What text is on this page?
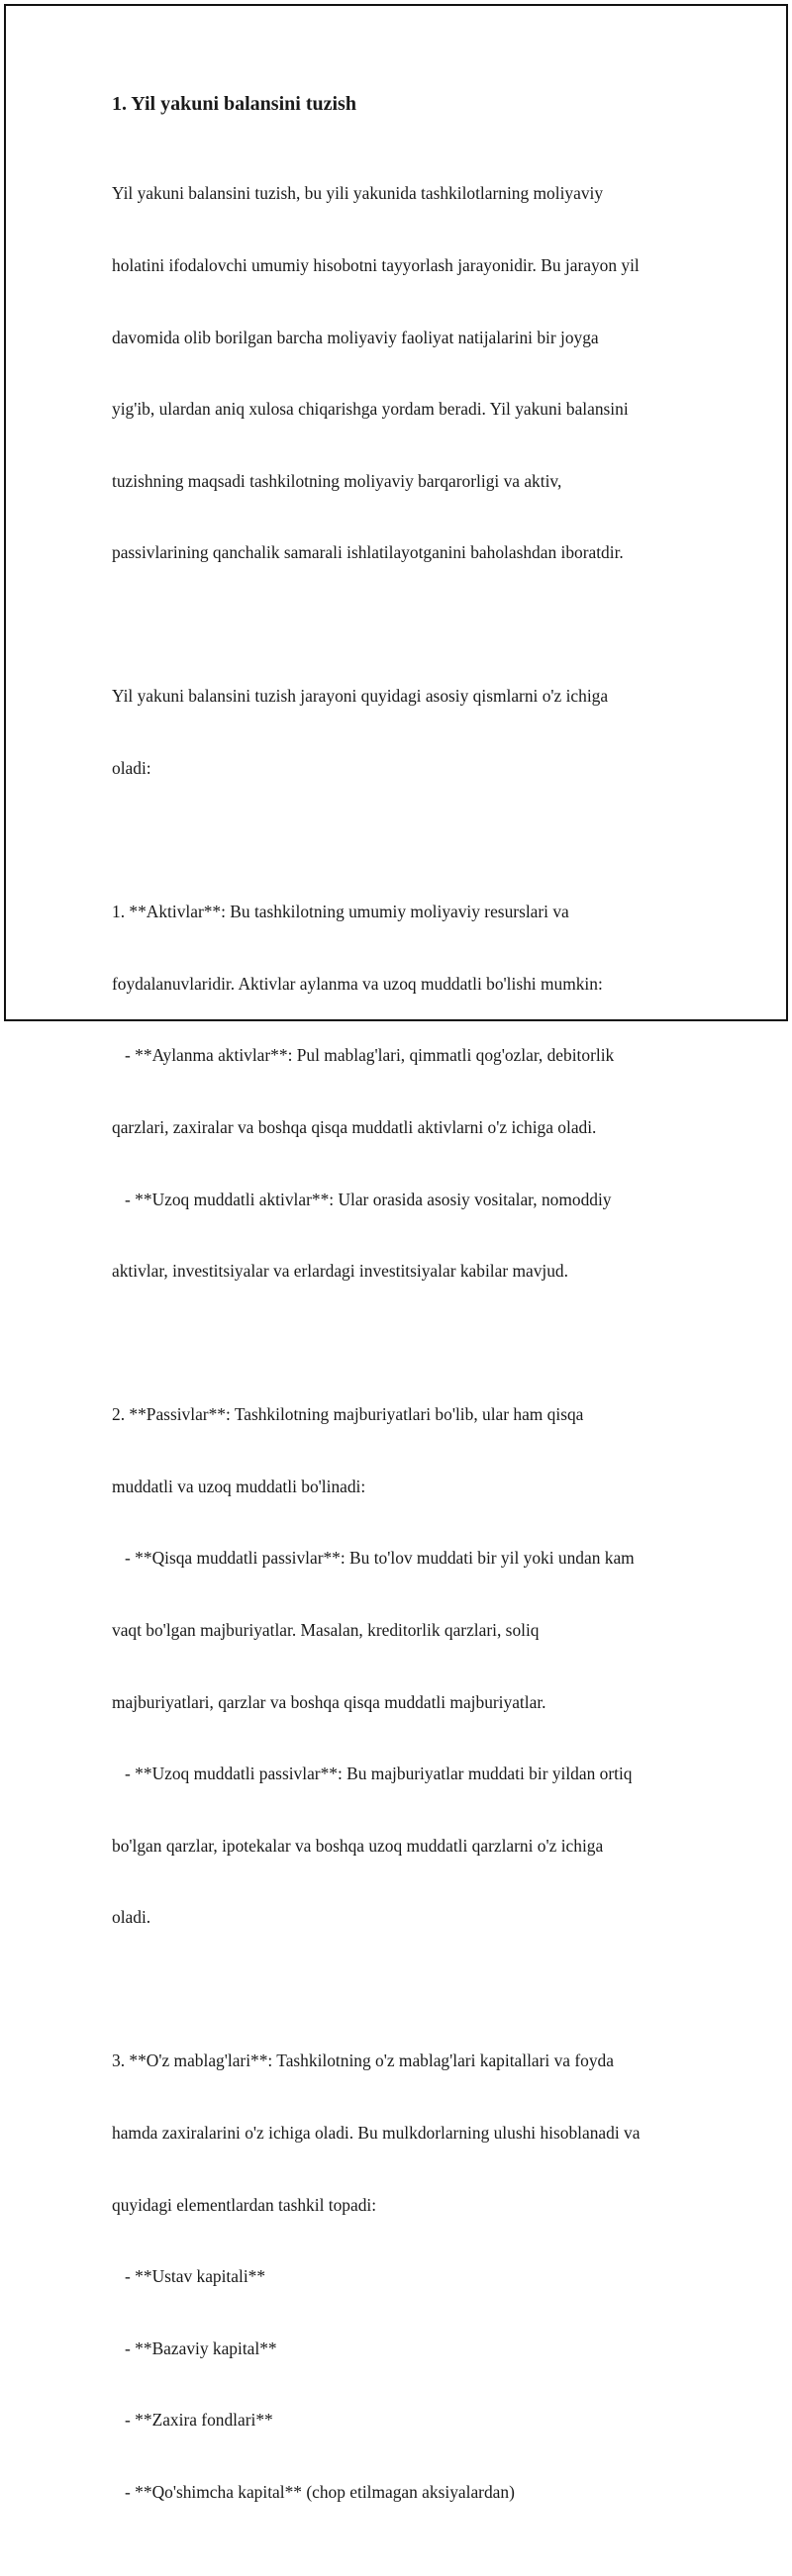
1. Yil yakuni balansini tuzish

Yil yakuni balansini tuzish, bu yili yakunida tashkilotlarning moliyaviy

holatini ifodalovchi umumiy hisobotni tayyorlash jarayonidir. Bu jarayon yil

davomida olib borilgan barcha moliyaviy faoliyat natijalarini bir joyga

yig'ib, ulardan aniq xulosa chiqarishga yordam beradi. Yil yakuni balansini

tuzishning maqsadi tashkilotning moliyaviy barqarorligi va aktiv,

passivlarining qanchalik samarali ishlatilayotganini baholashdan iboratdir.

Yil yakuni balansini tuzish jarayoni quyidagi asosiy qismlarni o'z ichiga

oladi:

1. **Aktivlar**: Bu tashkilotning umumiy moliyaviy resurslari va

foydalanuvlaridir. Aktivlar aylanma va uzoq muddatli bo'lishi mumkin:

- **Aylanma aktivlar**: Pul mablag'lari, qimmatli qog'ozlar, debitorlik

qarzlari, zaxiralar va boshqa qisqa muddatli aktivlarni o'z ichiga oladi.

- **Uzoq muddatli aktivlar**: Ular orasida asosiy vositalar, nomoddiy

aktivlar, investitsiyalar va erlardagi investitsiyalar kabilar mavjud.

2. **Passivlar**: Tashkilotning majburiyatlari bo'lib, ular ham qisqa

muddatli va uzoq muddatli bo'linadi:

- **Qisqa muddatli passivlar**: Bu to'lov muddati bir yil yoki undan kam

vaqt bo'lgan majburiyatlar. Masalan, kreditorlik qarzlari, soliq

majburiyatlari, qarzlar va boshqa qisqa muddatli majburiyatlar.

- **Uzoq muddatli passivlar**: Bu majburiyatlar muddati bir yildan ortiq

bo'lgan qarzlar, ipotekalar va boshqa uzoq muddatli qarzlarni o'z ichiga

oladi.

3. **O'z mablag'lari**: Tashkilotning o'z mablag'lari kapitallari va foyda

hamda zaxiralarini o'z ichiga oladi. Bu mulkdorlarning ulushi hisoblanadi va

quyidagi elementlardan tashkil topadi:

- **Ustav kapitali**

- **Bazaviy kapital**

- **Zaxira fondlari**

- **Qo'shimcha kapital** (chop etilmagan aksiyalardan)
